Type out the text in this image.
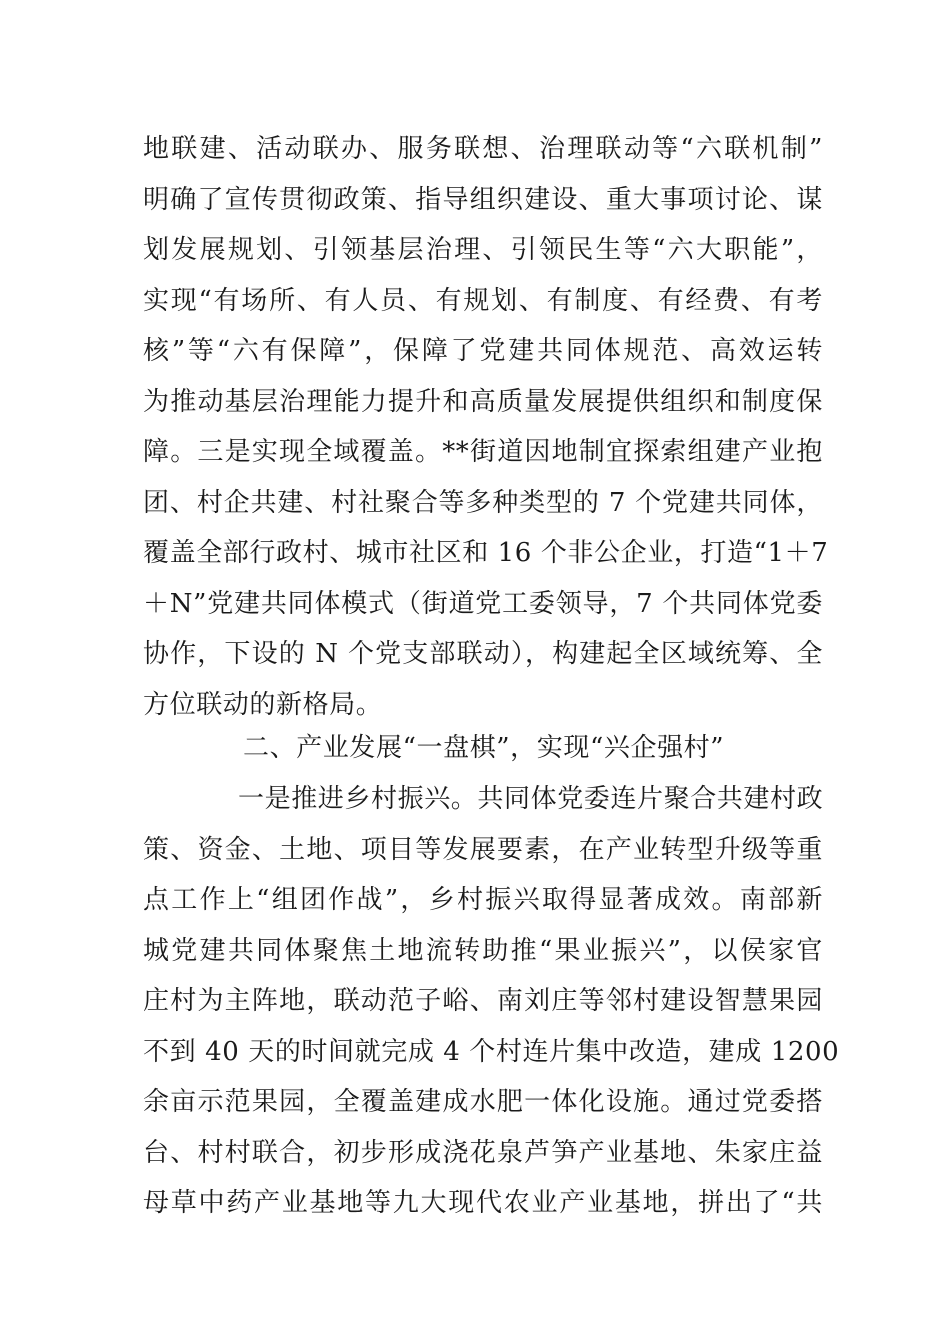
地联建、活动联办、服务联想、治理联动等“六联机制”
明确了宣传贯彻政策、指导组织建设、重大事项讨论、谋
划发展规划、引领基层治理、引领民生等“六大职能”，
实现“有场所、有人员、有规划、有制度、有经费、有考
核”等“六有保障”，保障了党建共同体规范、高效运转
为推动基层治理能力提升和高质量发展提供组织和制度保
障。三是实现全域覆盖。**街道因地制宜探索组建产业抱
团、村企共建、村社聚合等多种类型的 7 个党建共同体，
覆盖全部行政村、城市社区和 16 个非公企业，打造“1＋7
＋N”党建共同体模式（街道党工委领导，7 个共同体党委
协作，下设的 N 个党支部联动），构建起全区域统筹、全
方位联动的新格局。
二、产业发展“一盘棋”，实现“兴企强村”
一是推进乡村振兴。共同体党委连片聚合共建村政
策、资金、土地、项目等发展要素，在产业转型升级等重
点工作上“组团作战”，乡村振兴取得显著成效。南部新
城党建共同体聚焦土地流转助推“果业振兴”，以侯家官
庄村为主阵地，联动范子峪、南刘庄等邻村建设智慧果园
不到 40 天的时间就完成 4 个村连片集中改造，建成 1200
余亩示范果园，全覆盖建成水肥一体化设施。通过党委搭
台、村村联合，初步形成浇花泉芦笋产业基地、朱家庄益
母草中药产业基地等九大现代农业产业基地，拼出了“共
